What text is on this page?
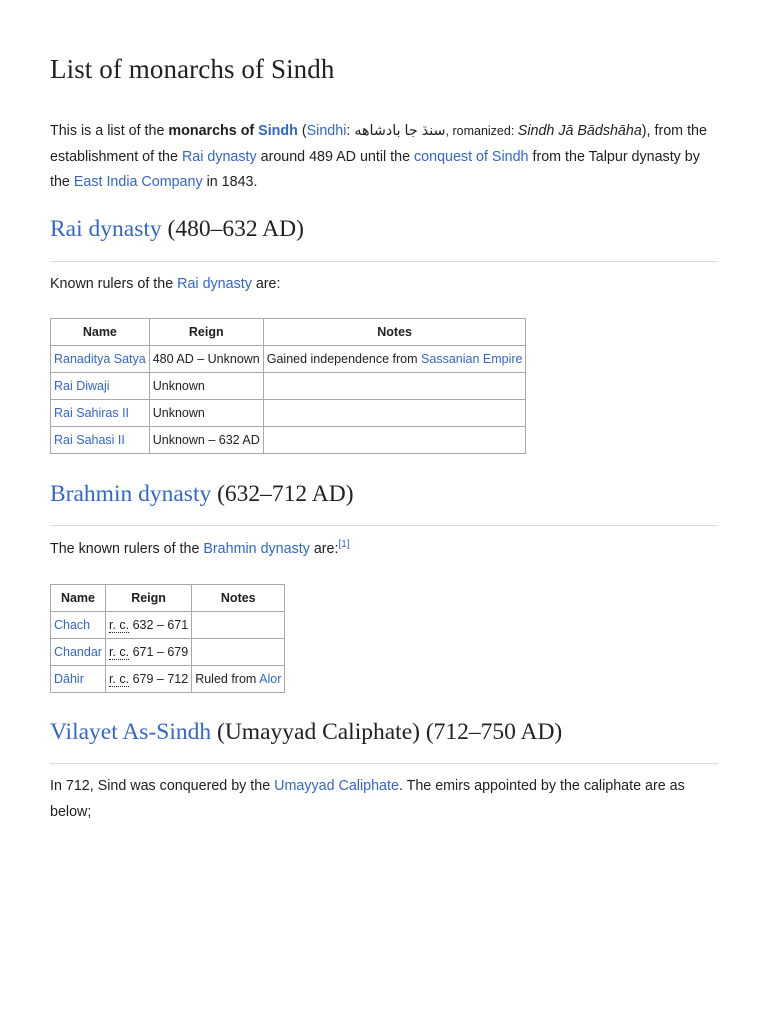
List of monarchs of Sindh

This is a list of the monarchs of Sindh (Sindhi: سنڌ جا بادشاهه, romanized: Sindh Jā Bādshāha), from the establishment of the Rai dynasty around 489 AD until the conquest of Sindh from the Talpur dynasty by the East India Company in 1843.

Rai dynasty (480–632 AD)

Known rulers of the Rai dynasty are:

Name	Reign	Notes
Ranaditya Satya	480 AD – Unknown	Gained independence from Sassanian Empire
Rai Diwaji	Unknown	
Rai Sahiras II	Unknown	
Rai Sahasi II	Unknown – 632 AD	
Brahmin dynasty (632–712 AD)

The known rulers of the Brahmin dynasty are:[1]

Name	Reign	Notes
Chach	r. c. 632 – 671	
Chandar	r. c. 671 – 679	
Dāhir	r. c. 679 – 712	Ruled from Alor
Vilayet As-Sindh (Umayyad Caliphate) (712–750 AD)

In 712, Sind was conquered by the Umayyad Caliphate. The emirs appointed by the caliphate are as below;
